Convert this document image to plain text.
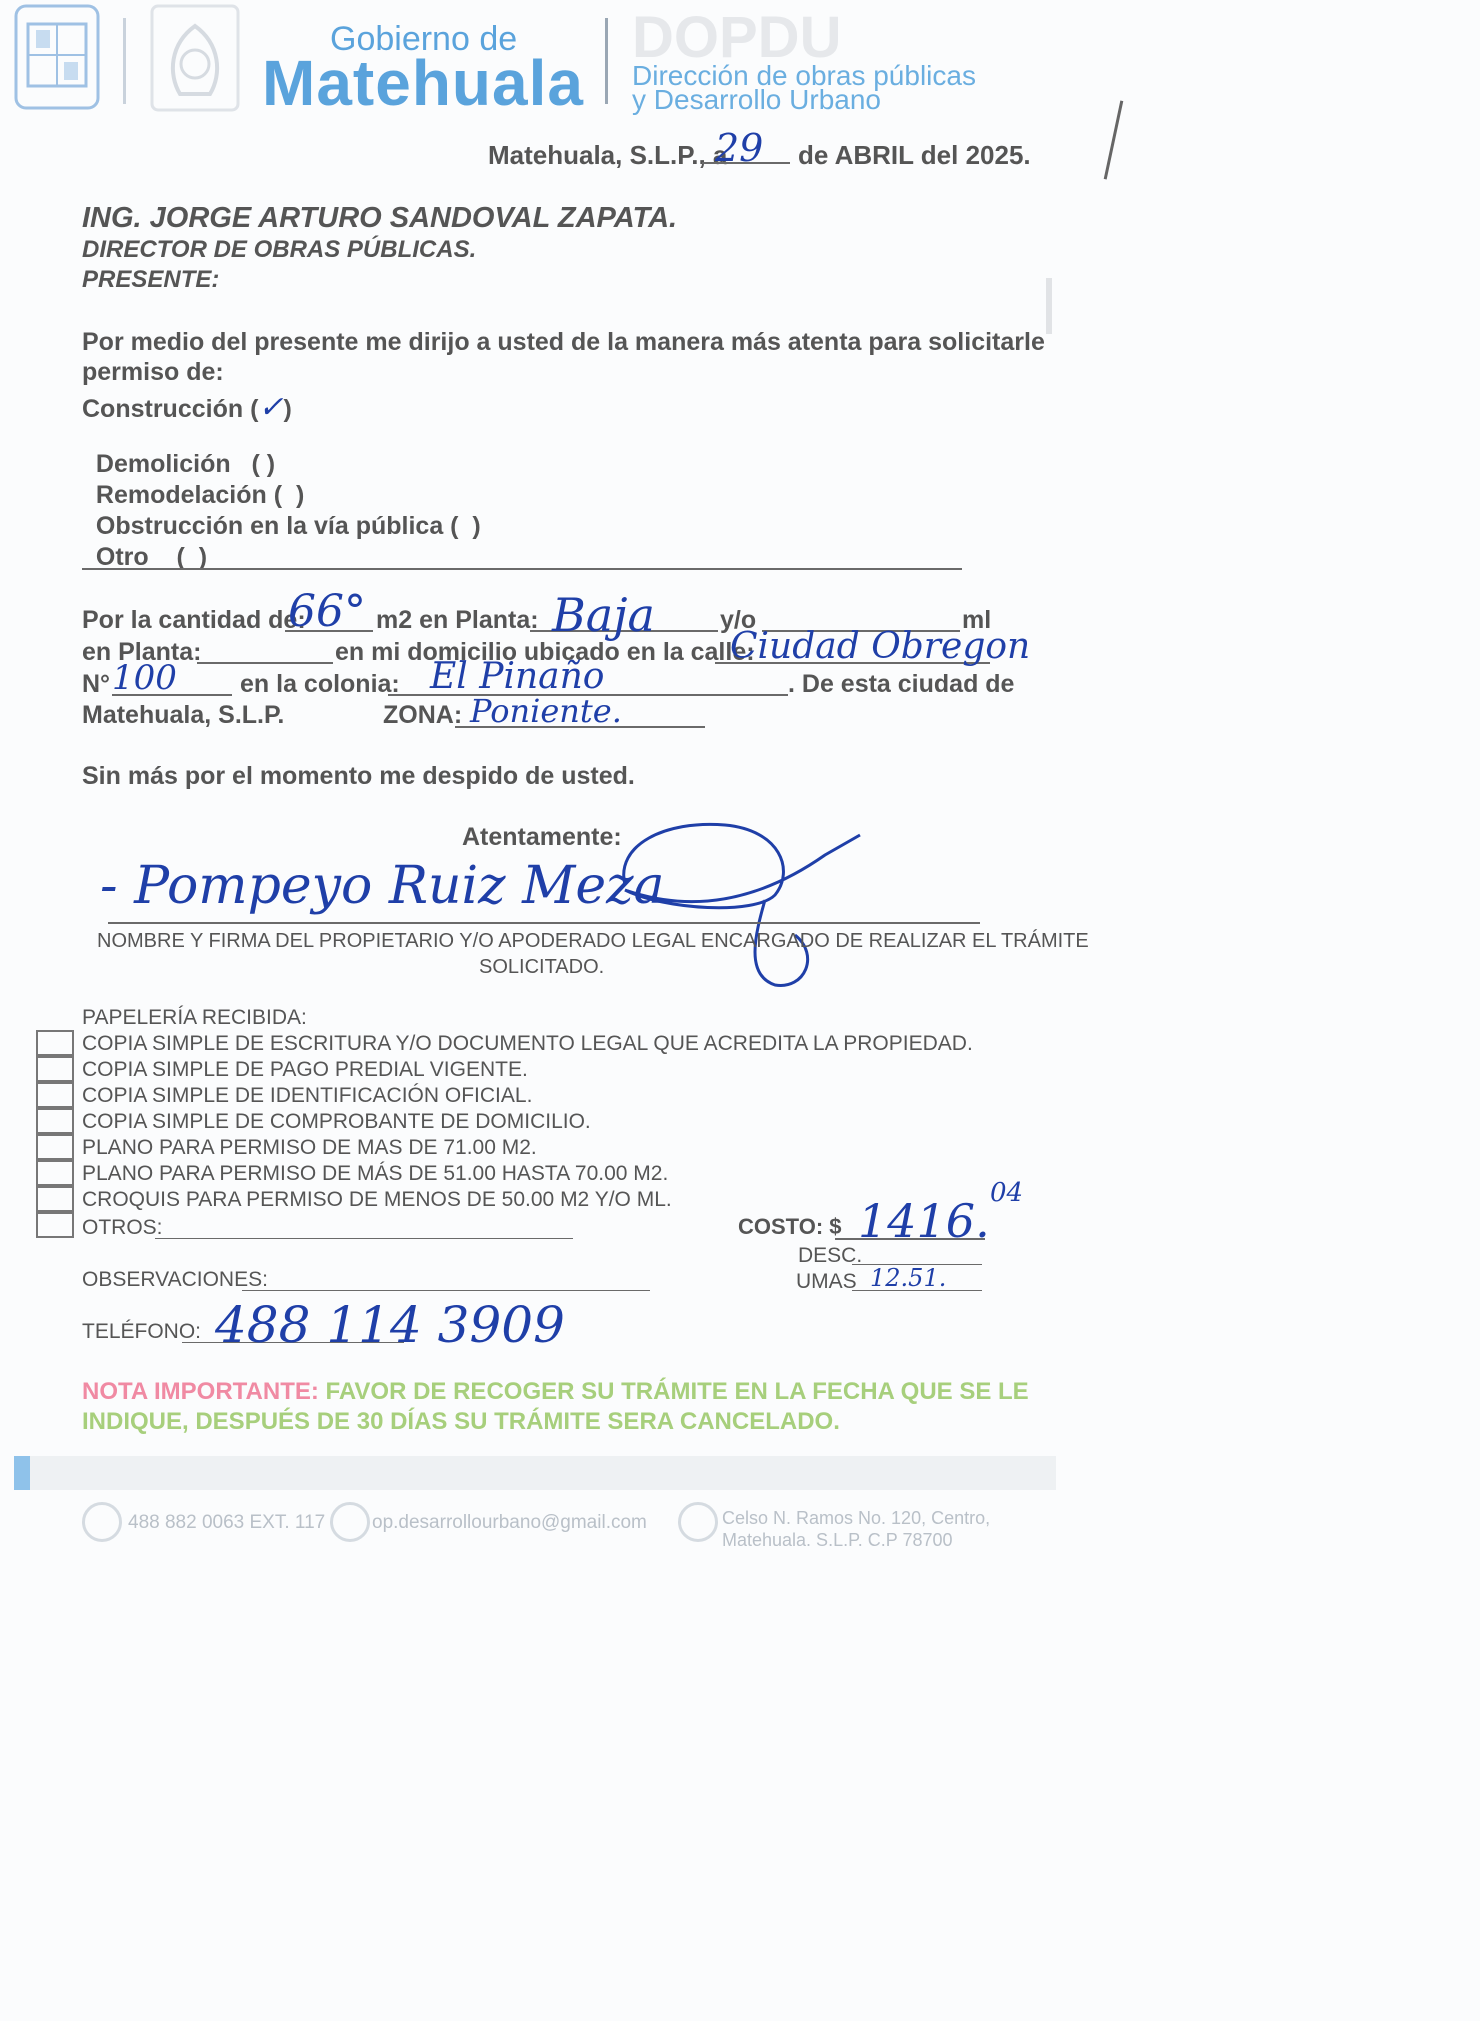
Gobierno de
Matehuala
DOPDU
Dirección de obras públicas
y Desarrollo Urbano
Matehuala, S.L.P., a
29 de ABRIL del 2025.
ING. JORGE ARTURO SANDOVAL ZAPATA.
DIRECTOR DE OBRAS PÚBLICAS.
PRESENTE:
Por medio del presente me dirijo a usted de la manera más atenta para solicitarle
permiso de:
Construcción (✓)

Demolición   ( )

Remodelación ( )

Obstrucción en la vía pública ( )

Otro    ( )

Por la cantidad de:
66° m2 en Planta: Baja	y/o	ml
en Planta:	en mi domicilio ubicado en la calle:
Ciudad Obregon
N° 100	en la colonia: El Pinaño	. De esta ciudad de
Matehuala, S.L.P.	ZONA: Poniente.
Sin más por el momento me despido de usted.
Atentamente:
- Pompeyo Ruiz Meza
NOMBRE Y FIRMA DEL PROPIETARIO Y/O APODERADO LEGAL ENCARGADO DE REALIZAR EL TRÁMITE
SOLICITADO.
PAPELERÍA RECIBIDA:
COPIA SIMPLE DE ESCRITURA Y/O DOCUMENTO LEGAL QUE ACREDITA LA PROPIEDAD.
COPIA SIMPLE DE PAGO PREDIAL VIGENTE.
COPIA SIMPLE DE IDENTIFICACIÓN OFICIAL.
COPIA SIMPLE DE COMPROBANTE DE DOMICILIO.
PLANO PARA PERMISO DE MAS DE 71.00 M2.
PLANO PARA PERMISO DE MÁS DE 51.00 HASTA 70.00 M2.
CROQUIS PARA PERMISO DE MENOS DE 50.00 M2 Y/O ML.
OTROS:	COSTO: $ 1416.
04
DESC.
UMAS 12.51.
OBSERVACIONES:
TELÉFONO: 488 114 3909
NOTA IMPORTANTE: FAVOR DE RECOGER SU TRÁMITE EN LA FECHA QUE SE LE
INDIQUE, DESPUÉS DE 30 DÍAS SU TRÁMITE SERA CANCELADO.
488 882 0063 EXT. 117 op.desarrollourbano@gmail.com	Celso N. Ramos No. 120, Centro,
Matehuala. S.L.P. C.P 78700
